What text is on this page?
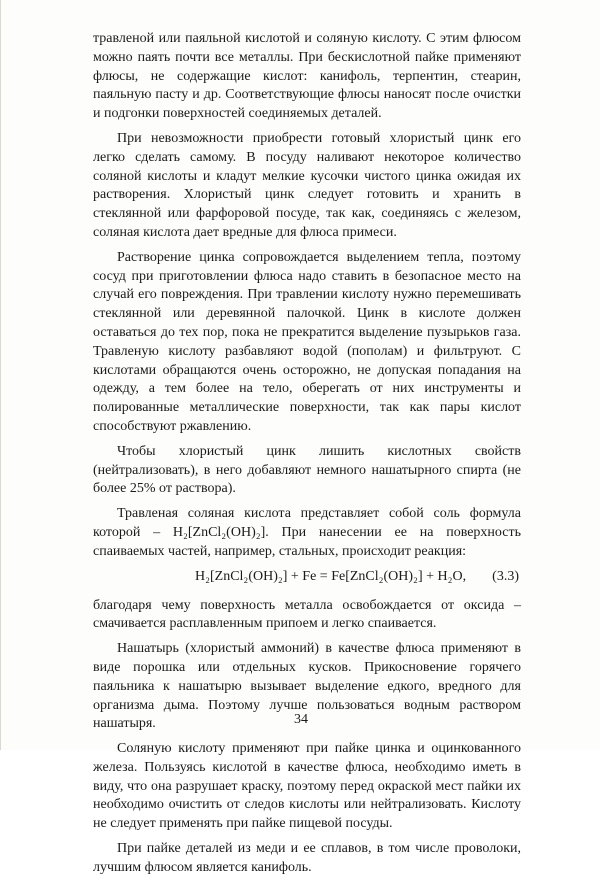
травленой или паяльной кислотой и соляную кислоту. С этим флюсом можно паять почти все металлы. При бескислотной пайке применяют флюсы, не содержащие кислот: канифоль, терпентин, стеарин, паяльную пасту и др. Соответствующие флюсы наносят после очистки и подгонки поверхностей соединяемых деталей.

При невозможности приобрести готовый хлористый цинк его легко сделать самому. В посуду наливают некоторое количество соляной кислоты и кладут мелкие кусочки чистого цинка ожидая их растворения. Хлористый цинк следует готовить и хранить в стеклянной или фарфоровой посуде, так как, соединяясь с железом, соляная кислота дает вредные для флюса примеси.

Растворение цинка сопровождается выделением тепла, поэтому сосуд при приготовлении флюса надо ставить в безопасное место на случай его повреждения. При травлении кислоту нужно перемешивать стеклянной или деревянной палочкой. Цинк в кислоте должен оставаться до тех пор, пока не прекратится выделение пузырьков газа. Травленую кислоту разбавляют водой (пополам) и фильтруют. С кислотами обращаются очень осторожно, не допуская попадания на одежду, а тем более на тело, оберегать от них инструменты и полированные металлические поверхности, так как пары кислот способствуют ржавлению.

Чтобы хлористый цинк лишить кислотных свойств (нейтрализовать), в него добавляют немного нашатырного спирта (не более 25% от раствора).

Травленая соляная кислота представляет собой соль формула которой – H₂[ZnCl₂(OH)₂]. При нанесении ее на поверхность спаиваемых частей, например, стальных, происходит реакция:

H₂[ZnCl₂(OH)₂] + Fe = Fe[ZnCl₂(OH)₂] + H₂O, (3.3)

благодаря чему поверхность металла освобождается от оксида – смачивается расплавленным припоем и легко спаивается.

Нашатырь (хлористый аммоний) в качестве флюса применяют в виде порошка или отдельных кусков. Прикосновение горячего паяльника к нашатырю вызывает выделение едкого, вредного для организма дыма. Поэтому лучше пользоваться водным раствором нашатыря.

Соляную кислоту применяют при пайке цинка и оцинкованного железа. Пользуясь кислотой в качестве флюса, необходимо иметь в виду, что она разрушает краску, поэтому перед окраской мест пайки их необходимо очистить от следов кислоты или нейтрализовать. Кислоту не следует применять при пайке пищевой посуды.

При пайке деталей из меди и ее сплавов, в том числе проволоки, лучшим флюсом является канифоль.

34
